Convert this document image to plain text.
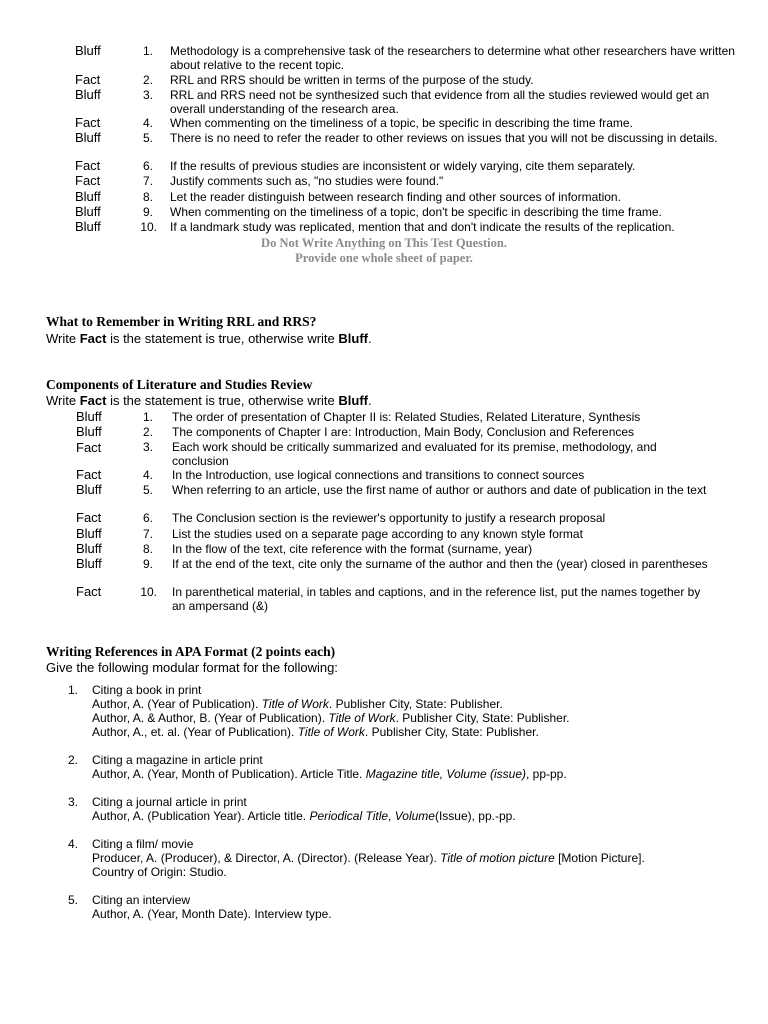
Bluff	1. Methodology is a comprehensive task of the researchers to determine what other researchers have written about relative to the recent topic.
Fact	2. RRL and RRS should be written in terms of the purpose of the study.
Bluff	3. RRL and RRS need not be synthesized such that evidence from all the studies reviewed would get an overall understanding of the research area.
Fact	4. When commenting on the timeliness of a topic, be specific in describing the time frame.
Bluff	5. There is no need to refer the reader to other reviews on issues that you will not be discussing in details.
Fact	6. If the results of previous studies are inconsistent or widely varying, cite them separately.
Fact	7. Justify comments such as, "no studies were found."
Bluff	8. Let the reader distinguish between research finding and other sources of information.
Bluff	9. When commenting on the timeliness of a topic, don't be specific in describing the time frame.
Bluff	10. If a landmark study was replicated, mention that and don't indicate the results of the replication.
Do Not Write Anything on This Test Question.
Provide one whole sheet of paper.
What to Remember in Writing RRL and RRS?
Write Fact is the statement is true, otherwise write Bluff.
Components of Literature and Studies Review
Write Fact is the statement is true, otherwise write Bluff.
Bluff	1. The order of presentation of Chapter II is: Related Studies, Related Literature, Synthesis
Bluff	2. The components of Chapter I are: Introduction, Main Body, Conclusion and References
Fact	3. Each work should be critically summarized and evaluated for its premise, methodology, and conclusion
Fact	4. In the Introduction, use logical connections and transitions to connect sources
Bluff	5. When referring to an article, use the first name of author or authors and date of publication in the text
Fact	6. The Conclusion section is the reviewer's opportunity to justify a research proposal
Bluff	7. List the studies used on a separate page according to any known style format
Bluff	8. In the flow of the text, cite reference with the format (surname, year)
Bluff	9. If at the end of the text, cite only the surname of the author and then the (year) closed in parentheses
Fact	10. In parenthetical material, in tables and captions, and in the reference list, put the names together by an ampersand (&)
Writing References in APA Format (2 points each)
Give the following modular format for the following:
1. Citing a book in print
Author, A. (Year of Publication). Title of Work. Publisher City, State: Publisher.
Author, A. & Author, B. (Year of Publication). Title of Work. Publisher City, State: Publisher.
Author, A., et. al. (Year of Publication). Title of Work. Publisher City, State: Publisher.
2. Citing a magazine in article print
Author, A. (Year, Month of Publication). Article Title. Magazine title, Volume (issue), pp-pp.
3. Citing a journal article in print
Author, A. (Publication Year). Article title. Periodical Title, Volume(Issue), pp.-pp.
4. Citing a film/ movie
Producer, A. (Producer), & Director, A. (Director). (Release Year). Title of motion picture [Motion Picture].
Country of Origin: Studio.
5. Citing an interview
Author, A. (Year, Month Date). Interview type.
